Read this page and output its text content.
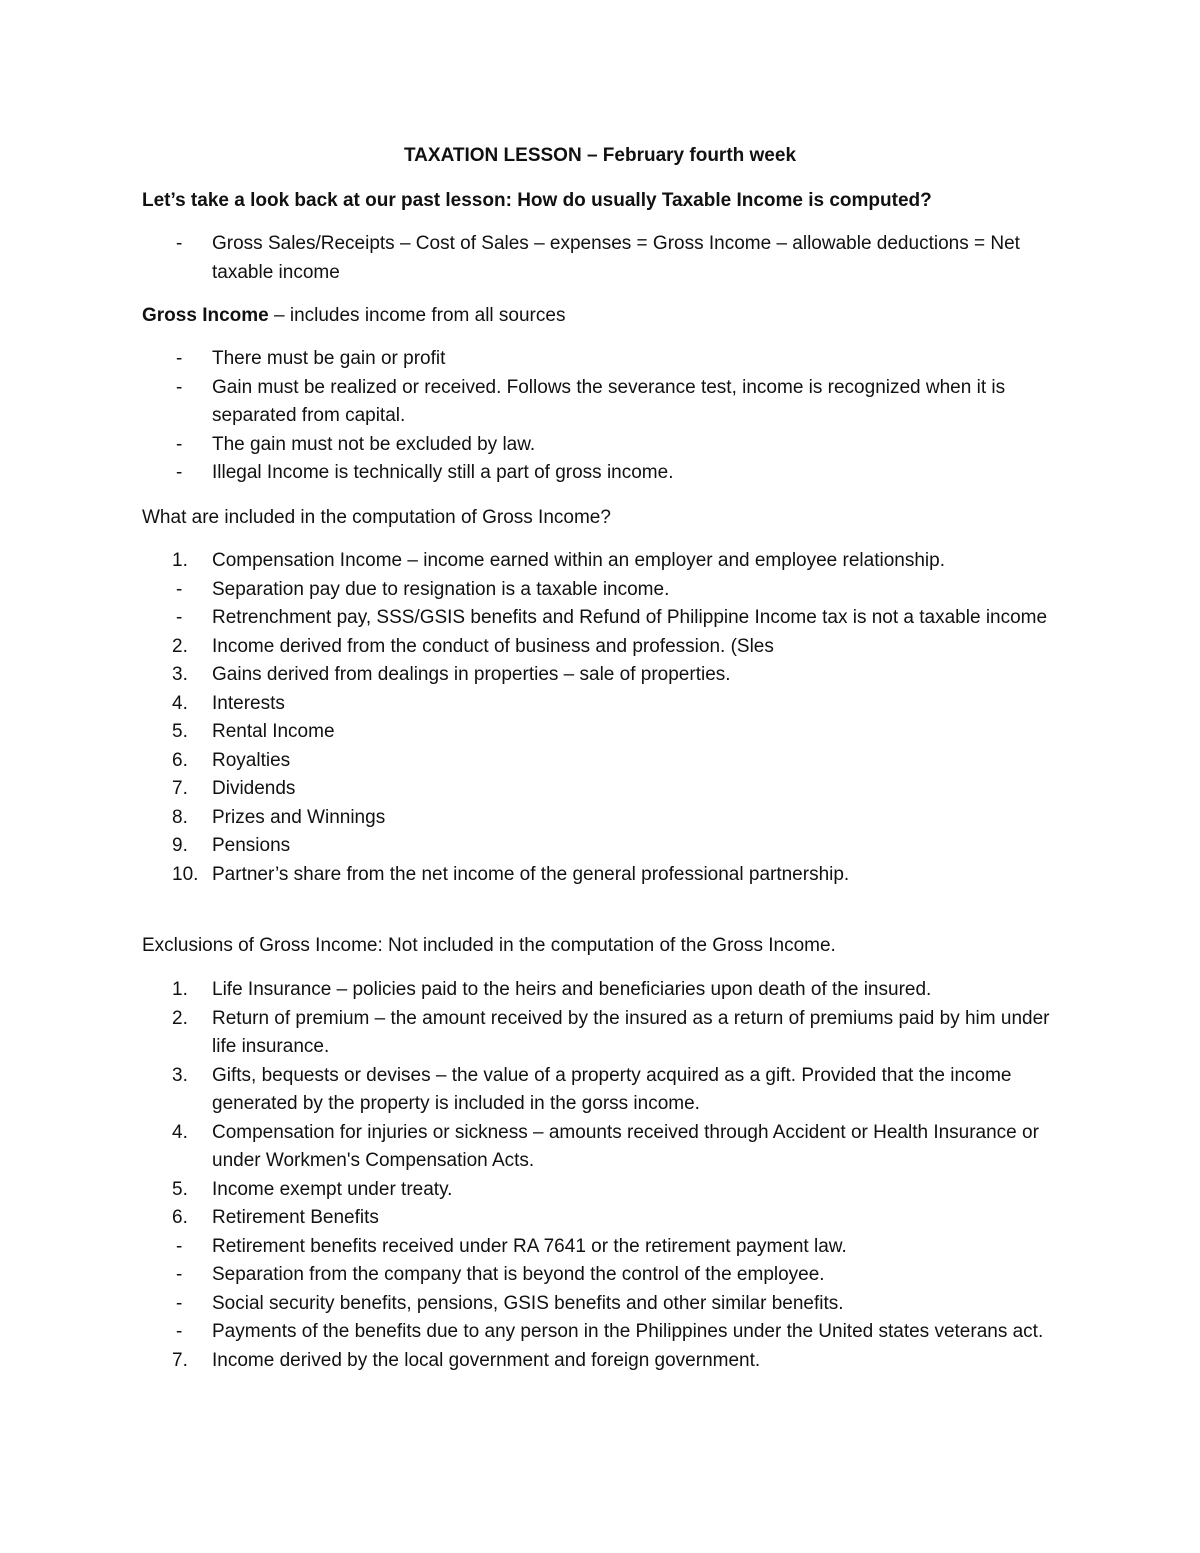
TAXATION LESSON – February fourth week

Let’s take a look back at our past lesson: How do usually Taxable Income is computed?

-	Gross Sales/Receipts – Cost of Sales – expenses = Gross Income – allowable deductions = Net taxable income

Gross Income – includes income from all sources

-	There must be gain or profit
-	Gain must be realized or received. Follows the severance test, income is recognized when it is separated from capital.
-	The gain must not be excluded by law.
-	Illegal Income is technically still a part of gross income.

What are included in the computation of Gross Income?

1.	Compensation Income – income earned within an employer and employee relationship.
-	Separation pay due to resignation is a taxable income.
-	Retrenchment pay, SSS/GSIS benefits and Refund of Philippine Income tax is not a taxable income
2.	Income derived from the conduct of business and profession. (Sles
3.	Gains derived from dealings in properties – sale of properties.
4.	Interests
5.	Rental Income
6.	Royalties
7.	Dividends
8.	Prizes and Winnings
9.	Pensions
10. Partner’s share from the net income of the general professional partnership.

Exclusions of Gross Income: Not included in the computation of the Gross Income.

1.	Life Insurance – policies paid to the heirs and beneficiaries upon death of the insured.
2.	Return of premium – the amount received by the insured as a return of premiums paid by him under life insurance.
3.	Gifts, bequests or devises – the value of a property acquired as a gift. Provided that the income generated by the property is included in the gorss income.
4.	Compensation for injuries or sickness – amounts received through Accident or Health Insurance or under Workmen's Compensation Acts.
5.	Income exempt under treaty.
6.	Retirement Benefits
-	Retirement benefits received under RA 7641 or the retirement payment law.
-	Separation from the company that is beyond the control of the employee.
-	Social security benefits, pensions, GSIS benefits and other similar benefits.
-	Payments of the benefits due to any person in the Philippines under the United states veterans act.
7.	Income derived by the local government and foreign government.
